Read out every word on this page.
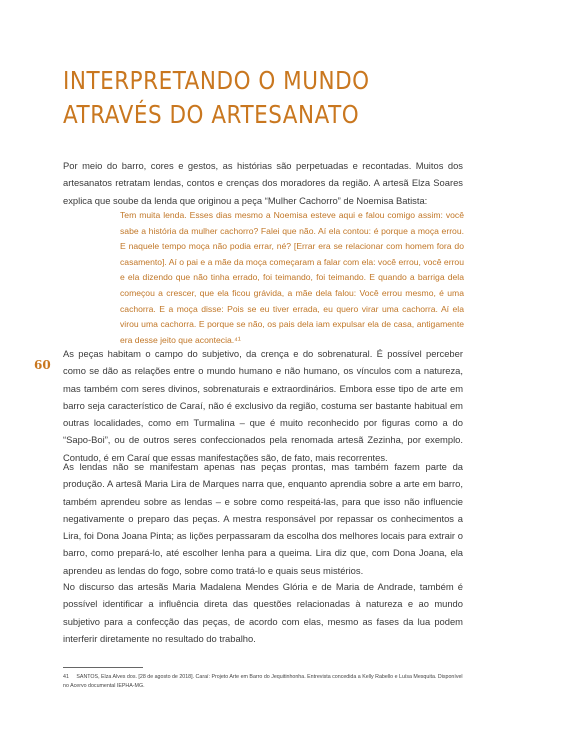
INTERPRETANDO O MUNDO ATRAVÉS DO ARTESANATO

Por meio do barro, cores e gestos, as histórias são perpetuadas e recontadas. Muitos dos artesanatos retratam lendas, contos e crenças dos moradores da região. A artesã Elza Soares explica que soube da lenda que originou a peça “Mulher Cachorro” de Noemisa Batista:

Tem muita lenda. Esses dias mesmo a Noemisa esteve aqui e falou comigo assim: você sabe a história da mulher cachorro? Falei que não. Aí ela contou: é porque a moça errou. E naquele tempo moça não podia errar, né? [Errar era se relacionar com homem fora do casamento]. Aí o pai e a mãe da moça começaram a falar com ela: você errou, você errou e ela dizendo que não tinha errado, foi teimando, foi teimando. E quando a barriga dela começou a crescer, que ela ficou grávida, a mãe dela falou: Você errou mesmo, é uma cachorra. E a moça disse: Pois se eu tiver errada, eu quero virar uma cachorra. Aí ela virou uma cachorra. E porque se não, os pais dela iam expulsar ela de casa, antigamente era desse jeito que acontecia.⁴¹
60

As peças habitam o campo do subjetivo, da crença e do sobrenatural. É possível perceber como se dão as relações entre o mundo humano e não humano, os vínculos com a natureza, mas também com seres divinos, sobrenaturais e extraordinários. Embora esse tipo de arte em barro seja característico de Caraí, não é exclusivo da região, costuma ser bastante habitual em outras localidades, como em Turmalina – que é muito reconhecido por figuras como a do “Sapo-Boi”, ou de outros seres confeccionados pela renomada artesã Zezinha, por exemplo. Contudo, é em Caraí que essas manifestações são, de fato, mais recorrentes.

As lendas não se manifestam apenas nas peças prontas, mas também fazem parte da produção. A artesã Maria Lira de Marques narra que, enquanto aprendia sobre a arte em barro, também aprendeu sobre as lendas – e sobre como respeitá-las, para que isso não influencie negativamente o preparo das peças. A mestra responsável por repassar os conhecimentos a Lira, foi Dona Joana Pinta; as lições perpassaram da escolha dos melhores locais para extrair o barro, como prepará-lo, até escolher lenha para a queima. Lira diz que, com Dona Joana, ela aprendeu as lendas do fogo, sobre como tratá-lo e quais seus mistérios.

No discurso das artesãs Maria Madalena Mendes Glória e de Maria de Andrade, também é possível identificar a influência direta das questões relacionadas à natureza e ao mundo subjetivo para a confecção das peças, de acordo com elas, mesmo as fases da lua podem interferir diretamente no resultado do trabalho.

41 SANTOS, Elza Alves dos. [28 de agosto de 2018]. Caraí: Projeto Arte em Barro do Jequitinhonha. Entrevista concedida a Kelly Rabello e Luísa Mesquita. Disponível no Acervo documental IEPHA-MG.
